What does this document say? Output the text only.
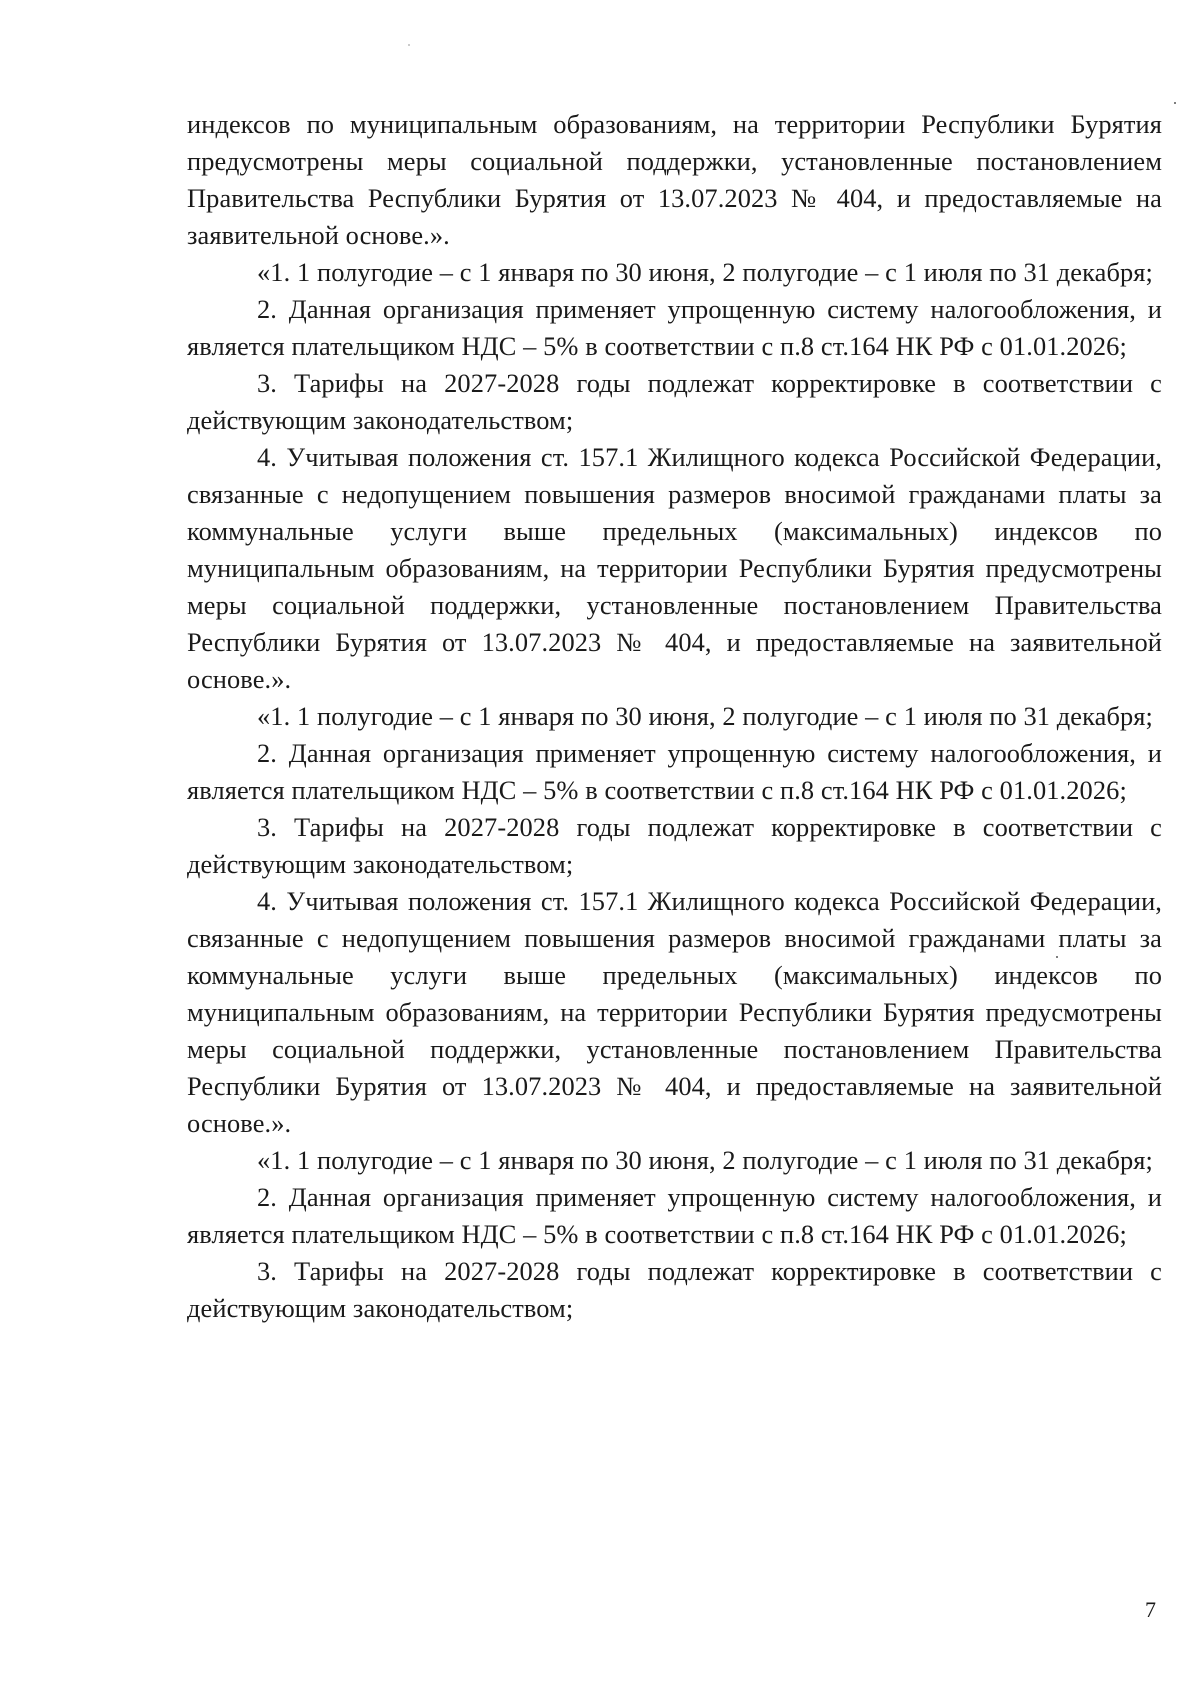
индексов по муниципальным образованиям, на территории Республики Бурятия предусмотрены меры социальной поддержки, установленные постановлением Правительства Республики Бурятия от 13.07.2023 № 404, и предоставляемые на заявительной основе.».

«1. 1 полугодие – с 1 января по 30 июня, 2 полугодие – с 1 июля по 31 декабря;

2. Данная организация применяет упрощенную систему налогообложения, и является плательщиком НДС – 5% в соответствии с п.8 ст.164 НК РФ с 01.01.2026;

3. Тарифы на 2027-2028 годы подлежат корректировке в соответствии с действующим законодательством;

4. Учитывая положения ст. 157.1 Жилищного кодекса Российской Федерации, связанные с недопущением повышения размеров вносимой гражданами платы за коммунальные услуги выше предельных (максимальных) индексов по муниципальным образованиям, на территории Республики Бурятия предусмотрены меры социальной поддержки, установленные постановлением Правительства Республики Бурятия от 13.07.2023 № 404, и предоставляемые на заявительной основе.».

«1. 1 полугодие – с 1 января по 30 июня, 2 полугодие – с 1 июля по 31 декабря;

2. Данная организация применяет упрощенную систему налогообложения, и является плательщиком НДС – 5% в соответствии с п.8 ст.164 НК РФ с 01.01.2026;

3. Тарифы на 2027-2028 годы подлежат корректировке в соответствии с действующим законодательством;

4. Учитывая положения ст. 157.1 Жилищного кодекса Российской Федерации, связанные с недопущением повышения размеров вносимой гражданами платы за коммунальные услуги выше предельных (максимальных) индексов по муниципальным образованиям, на территории Республики Бурятия предусмотрены меры социальной поддержки, установленные постановлением Правительства Республики Бурятия от 13.07.2023 № 404, и предоставляемые на заявительной основе.».

«1. 1 полугодие – с 1 января по 30 июня, 2 полугодие – с 1 июля по 31 декабря;

2. Данная организация применяет упрощенную систему налогообложения, и является плательщиком НДС – 5% в соответствии с п.8 ст.164 НК РФ с 01.01.2026;

3. Тарифы на 2027-2028 годы подлежат корректировке в соответствии с действующим законодательством;

7
